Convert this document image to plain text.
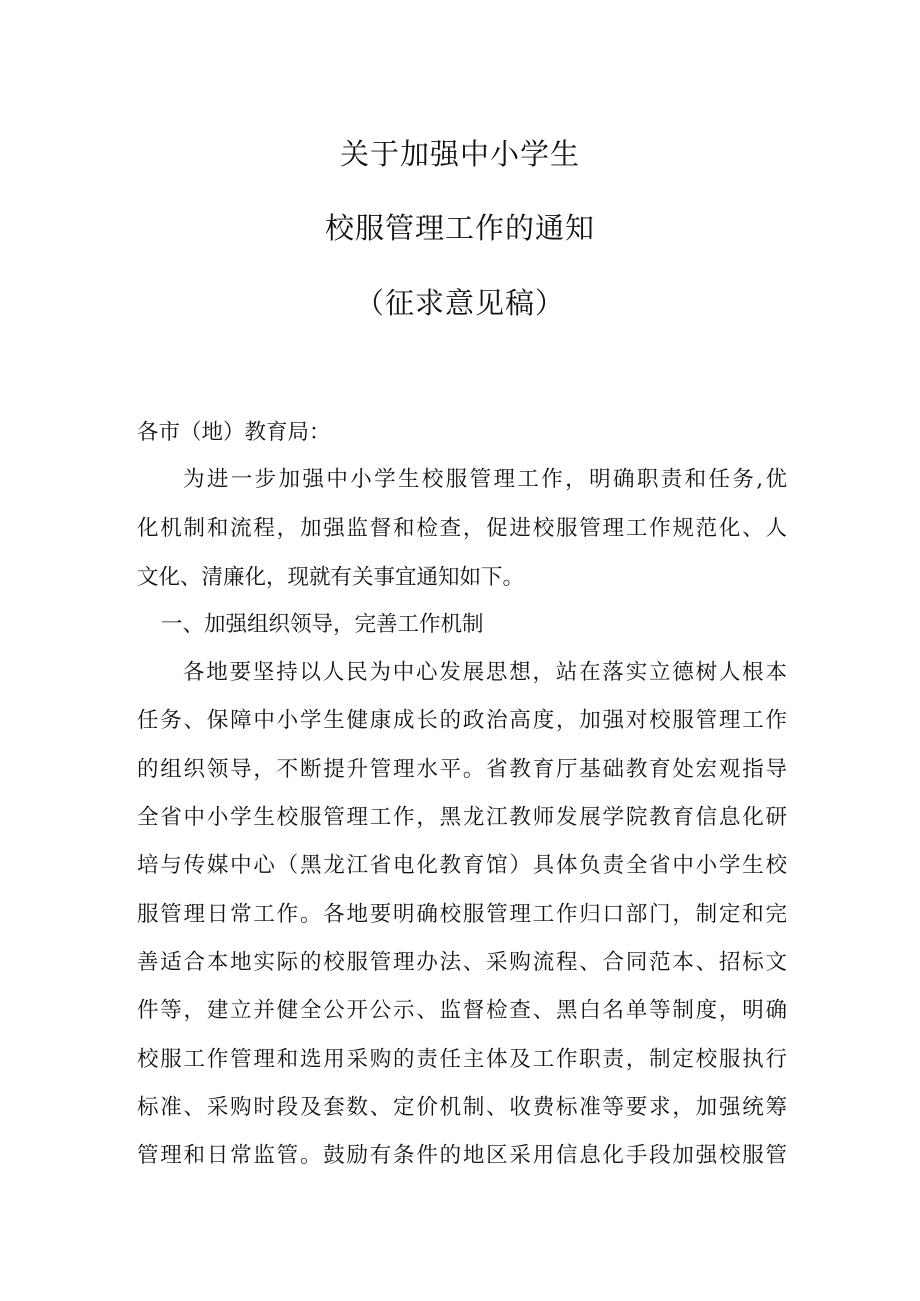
关于加强中小学生
校服管理工作的通知
（征求意见稿）
各市（地）教育局：
为进一步加强中小学生校服管理工作，明确职责和任务,优
化机制和流程，加强监督和检查，促进校服管理工作规范化、人
文化、清廉化，现就有关事宜通知如下。
一、加强组织领导，完善工作机制
各地要坚持以人民为中心发展思想，站在落实立德树人根本
任务、保障中小学生健康成长的政治高度，加强对校服管理工作
的组织领导，不断提升管理水平。省教育厅基础教育处宏观指导
全省中小学生校服管理工作，黑龙江教师发展学院教育信息化研
培与传媒中心（黑龙江省电化教育馆）具体负责全省中小学生校
服管理日常工作。各地要明确校服管理工作归口部门，制定和完
善适合本地实际的校服管理办法、采购流程、合同范本、招标文
件等，建立并健全公开公示、监督检查、黑白名单等制度，明确
校服工作管理和选用采购的责任主体及工作职责，制定校服执行
标准、采购时段及套数、定价机制、收费标准等要求，加强统筹
管理和日常监管。鼓励有条件的地区采用信息化手段加强校服管
